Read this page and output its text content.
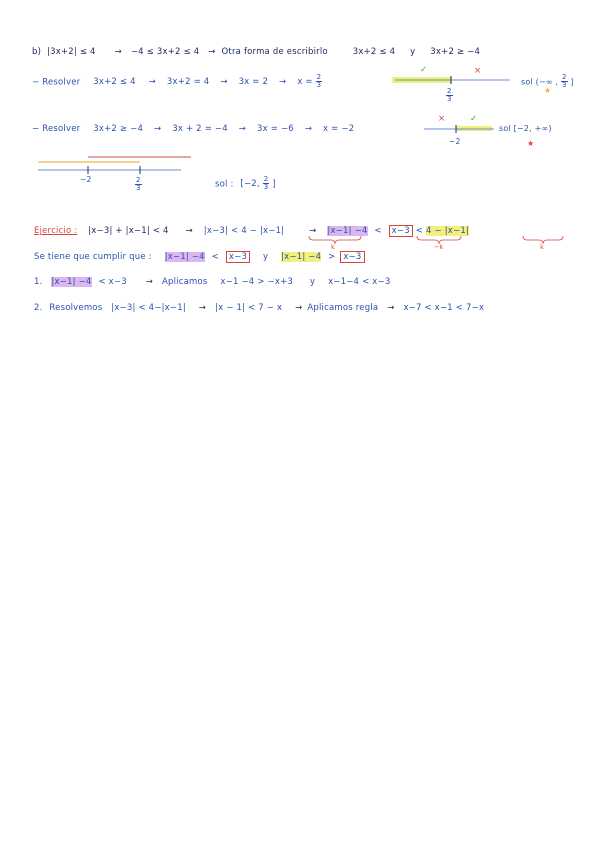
b) |3x+2| ≤ 4 → −4 ≤ 3x+2 ≤ 4 → Otra forma de escribirlo	3x+2 ≤ 4 y 3x+2 ≥ −4
− Resolver $3x+2 \le 4 \to 3x+2 = 4 \to 3x = 2 \to x = \frac{2}{3}$
★
★
✓	×
$\frac{2}{3}$
sol (−∞ , $\frac{2}{3}$ ]
− Resolver 3x+2 ≥ −4 → 3x + 2 = −4 → 3x = −6 → x = −2
×	✓
−2
sol [−2, +∞)
−2	$\frac{2}{3}$	sol : [−2, $\frac{2}{3}$ ]
Ejercicio : |x−3| + |x−1| < 4 → |x−3| < 4 − |x−1|	→ |x−1| −4 < x−3 < 4 − |x−1|
k	−k	k
Se tiene que cumplir que : |x−1| −4 < x−3 y |x−1| −4 > x−3
1. |x−1| −4 < x−3 → Aplicamos x−1 −4 > −x+3 y x−1−4 < x−3
2. Resolvemos |x−3| < 4−|x−1| → |x − 1| < 7 − x → Aplicamos regla → x−7 < x−1 < 7−x
